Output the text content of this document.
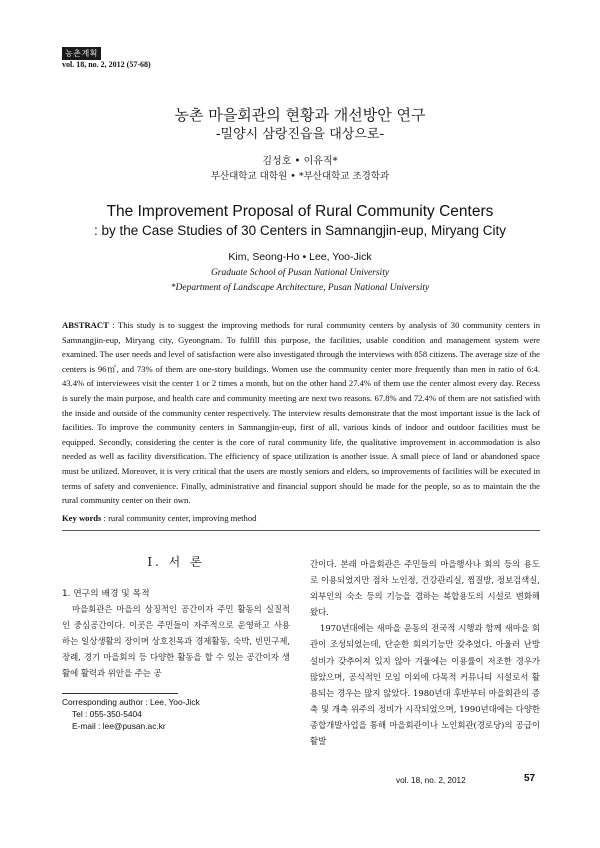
농촌계획
vol. 18, no. 2, 2012 (57-68)
농촌 마을회관의 현황과 개선방안 연구
-밀양시 삼랑진읍을 대상으로-
김성호 • 이유직*
부산대학교 대학원 • *부산대학교 조경학과
The Improvement Proposal of Rural Community Centers
: by the Case Studies of 30 Centers in Samnangjin-eup, Miryang City
Kim, Seong-Ho • Lee, Yoo-Jick
Graduate School of Pusan National University
*Department of Landscape Architecture, Pusan National University

ABSTRACT : This study is to suggest the improving methods for rural community centers by analysis of 30 community centers in Samnangjin-eup, Miryang city, Gyeongnam. To fulfill this purpose, the facilities, usable condition and management system were examined. The user needs and level of satisfaction were also investigated through the interviews with 858 citizens. The average size of the centers is 96㎡, and 73% of them are one-story buildings. Women use the community center more frequently than men in ratio of 6:4. 43.4% of interviewees visit the center 1 or 2 times a month, but on the other hand 27.4% of them use the center almost every day. Recess is surely the main purpose, and health care and community meeting are next two reasons. 67.8% and 72.4% of them are not satisfied with the inside and outside of the community center respectively. The interview results demonstrate that the most important issue is the lack of facilities. To improve the community centers in Samnangjin-eup, first of all, various kinds of indoor and outdoor facilities must be equipped. Secondly, considering the center is the core of rural community life, the qualitative improvement in accommodation is also needed as well as facility diversification. The efficiency of space utilization is another issue. A small piece of land or abandoned space must be utilized. Moreover, it is very critical that the users are mostly seniors and elders, so improvements of facilities will be executed in terms of safety and convenience. Finally, administrative and financial support should be made for the people, so as to maintain the the rural community center on their own.

Key words : rural community center, improving method
I. 서 론
1. 연구의 배경 및 목적

마을회관은 마을의 상징적인 공간이자 주민 활동의 실질적인 중심공간이다. 이곳은 주민들이 자주적으로 운영하고 사용하는 일상생활의 장이며 상호친목과 경제활동, 숙박, 빈민구제, 장례, 경기 마을회의 등 다양한 활동을 할 수 있는 공간이자 생활에 활력과 위안을 주는 공

간이다. 본래 마을회관은 주민들의 마을행사나 회의 등의 용도로 이용되었지만 점차 노인정, 건강관리실, 찜질방, 정보검색실, 외부인의 숙소 등의 기능을 겸하는 복합용도의 시설로 변화해 왔다.

1970년대에는 새마을 운동의 전국적 시행과 함께 새마을 회관이 조성되었는데, 단순한 회의기능만 갖추었다. 아울러 난방 설비가 갖추어져 있지 않아 겨울에는 이용률이 저조한 경우가 많았으며, 공식적인 모임 이외에 다목적 커뮤니티 시설로서 활용되는 경우는 많지 않았다. 1980년대 후반부터 마을회관의 증축 및 개축 위주의 정비가 시작되었으며, 1990년대에는 다양한 종합개발사업을 통해 마을회관이나 노인회관(경로당)의 공급이 활발

Corresponding author : Lee, Yoo-Jick
Tel : 055-350-5404
E-mail : lee@pusan.ac.kr
vol. 18, no. 2, 2012	57
